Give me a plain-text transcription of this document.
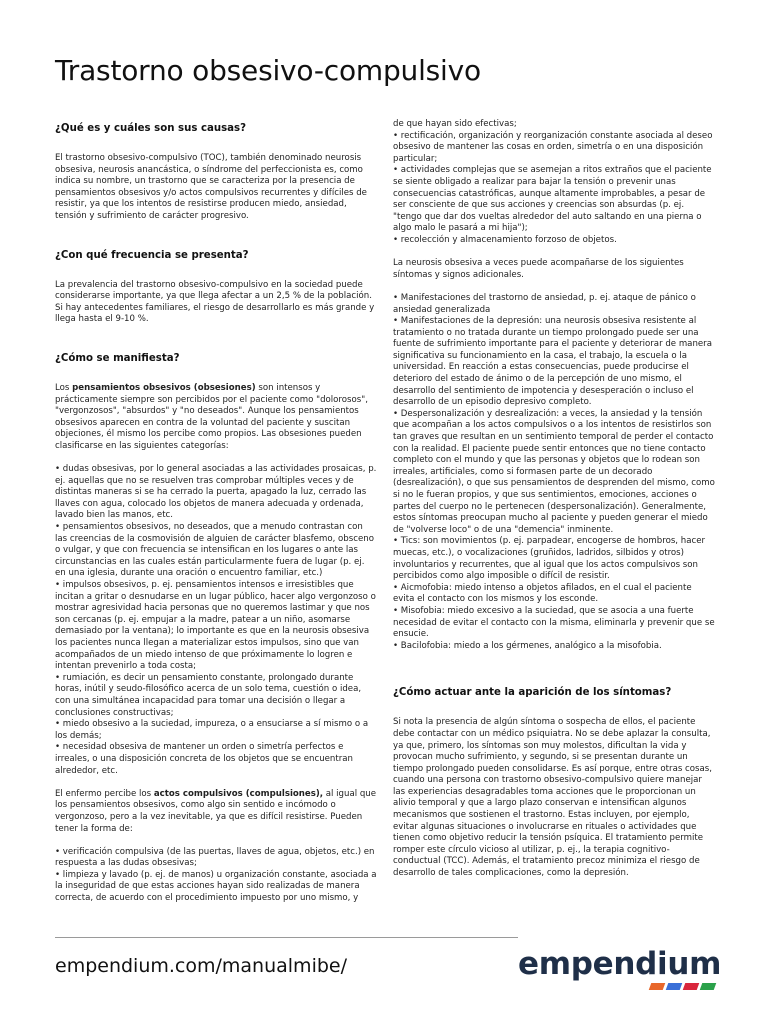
Trastorno obsesivo-compulsivo
¿Qué es y cuáles son sus causas?

El trastorno obsesivo-compulsivo (TOC), también denominado neurosis obsesiva, neurosis anancástica, o síndrome del perfeccionista es, como indica su nombre, un trastorno que se caracteriza por la presencia de pensamientos obsesivos y/o actos compulsivos recurrentes y difíciles de resistir, ya que los intentos de resistirse producen miedo, ansiedad, tensión y sufrimiento de carácter progresivo.

¿Con qué frecuencia se presenta?

La prevalencia del trastorno obsesivo-compulsivo en la sociedad puede considerarse importante, ya que llega afectar a un 2,5 % de la población. Si hay antecedentes familiares, el riesgo de desarrollarlo es más grande y llega hasta el 9-10 %.

¿Cómo se manifiesta?

Los pensamientos obsesivos (obsesiones) son intensos y prácticamente siempre son percibidos por el paciente como "dolorosos", "vergonzosos", "absurdos" y "no deseados". Aunque los pensamientos obsesivos aparecen en contra de la voluntad del paciente y suscitan objeciones, él mismo los percibe como propios. Las obsesiones pueden clasificarse en las siguientes categorías:

• dudas obsesivas, por lo general asociadas a las actividades prosaicas, p. ej. aquellas que no se resuelven tras comprobar múltiples veces y de distintas maneras si se ha cerrado la puerta, apagado la luz, cerrado las llaves con agua, colocado los objetos de manera adecuada y ordenada, lavado bien las manos, etc.

• pensamientos obsesivos, no deseados, que a menudo contrastan con las creencias de la cosmovisión de alguien de carácter blasfemo, obsceno o vulgar, y que con frecuencia se intensifican en los lugares o ante las circunstancias en las cuales están particularmente fuera de lugar (p. ej. en una iglesia, durante una oración o encuentro familiar, etc.)

• impulsos obsesivos, p. ej. pensamientos intensos e irresistibles que incitan a gritar o desnudarse en un lugar público, hacer algo vergonzoso o mostrar agresividad hacia personas que no queremos lastimar y que nos son cercanas (p. ej. empujar a la madre, patear a un niño, asomarse demasiado por la ventana); lo importante es que en la neurosis obsesiva los pacientes nunca llegan a materializar estos impulsos, sino que van acompañados de un miedo intenso de que próximamente lo logren e intentan prevenirlo a toda costa;

• rumiación, es decir un pensamiento constante, prolongado durante horas, inútil y seudo-filosófico acerca de un solo tema, cuestión o idea, con una simultánea incapacidad para tomar una decisión o llegar a conclusiones constructivas;

• miedo obsesivo a la suciedad, impureza, o a ensuciarse a sí mismo o a los demás;

• necesidad obsesiva de mantener un orden o simetría perfectos e irreales, o una disposición concreta de los objetos que se encuentran alrededor, etc.

El enfermo percibe los actos compulsivos (compulsiones), al igual que los pensamientos obsesivos, como algo sin sentido e incómodo o vergonzoso, pero a la vez inevitable, ya que es difícil resistirse. Pueden tener la forma de:

• verificación compulsiva (de las puertas, llaves de agua, objetos, etc.) en respuesta a las dudas obsesivas;

• limpieza y lavado (p. ej. de manos) u organización constante, asociada a la inseguridad de que estas acciones hayan sido realizadas de manera correcta, de acuerdo con el procedimiento impuesto por uno mismo, y

de que hayan sido efectivas;

• rectificación, organización y reorganización constante asociada al deseo obsesivo de mantener las cosas en orden, simetría o en una disposición particular;

• actividades complejas que se asemejan a ritos extraños que el paciente se siente obligado a realizar para bajar la tensión o prevenir unas consecuencias catastróficas, aunque altamente improbables, a pesar de ser consciente de que sus acciones y creencias son absurdas (p. ej. "tengo que dar dos vueltas alrededor del auto saltando en una pierna o algo malo le pasará a mi hija");

• recolección y almacenamiento forzoso de objetos.

La neurosis obsesiva a veces puede acompañarse de los siguientes síntomas y signos adicionales.

• Manifestaciones del trastorno de ansiedad, p. ej. ataque de pánico o ansiedad generalizada

• Manifestaciones de la depresión: una neurosis obsesiva resistente al tratamiento o no tratada durante un tiempo prolongado puede ser una fuente de sufrimiento importante para el paciente y deteriorar de manera significativa su funcionamiento en la casa, el trabajo, la escuela o la universidad. En reacción a estas consecuencias, puede producirse el deterioro del estado de ánimo o de la percepción de uno mismo, el desarrollo del sentimiento de impotencia y desesperación o incluso el desarrollo de un episodio depresivo completo.

• Despersonalización y desrealización: a veces, la ansiedad y la tensión que acompañan a los actos compulsivos o a los intentos de resistirlos son tan graves que resultan en un sentimiento temporal de perder el contacto con la realidad. El paciente puede sentir entonces que no tiene contacto completo con el mundo y que las personas y objetos que lo rodean son irreales, artificiales, como si formasen parte de un decorado (desrealización), o que sus pensamientos de desprenden del mismo, como si no le fueran propios, y que sus sentimientos, emociones, acciones o partes del cuerpo no le pertenecen (despersonalización). Generalmente, estos síntomas preocupan mucho al paciente y pueden generar el miedo de "volverse loco" o de una "demencia" inminente.

• Tics: son movimientos (p. ej. parpadear, encogerse de hombros, hacer muecas, etc.), o vocalizaciones (gruñidos, ladridos, silbidos y otros) involuntarios y recurrentes, que al igual que los actos compulsivos son percibidos como algo imposible o difícil de resistir.

• Aicmofobia: miedo intenso a objetos afilados, en el cual el paciente evita el contacto con los mismos y los esconde.

• Misofobia: miedo excesivo a la suciedad, que se asocia a una fuerte necesidad de evitar el contacto con la misma, eliminarla y prevenir que se ensucie.

• Bacilofobia: miedo a los gérmenes, analógico a la misofobia.

¿Cómo actuar ante la aparición de los síntomas?

Si nota la presencia de algún síntoma o sospecha de ellos, el paciente debe contactar con un médico psiquiatra. No se debe aplazar la consulta, ya que, primero, los síntomas son muy molestos, dificultan la vida y provocan mucho sufrimiento, y segundo, si se presentan durante un tiempo prolongado pueden consolidarse. Es así porque, entre otras cosas, cuando una persona con trastorno obsesivo-compulsivo quiere manejar las experiencias desagradables toma acciones que le proporcionan un alivio temporal y que a largo plazo conservan e intensifican algunos mecanismos que sostienen el trastorno. Estas incluyen, por ejemplo, evitar algunas situaciones o involucrarse en rituales o actividades que tienen como objetivo reducir la tensión psíquica. El tratamiento permite romper este círculo vicioso al utilizar, p. ej., la terapia cognitivo-conductual (TCC). Además, el tratamiento precoz minimiza el riesgo de desarrollo de tales complicaciones, como la depresión.

empendium.com/manualmibe/	empendium
